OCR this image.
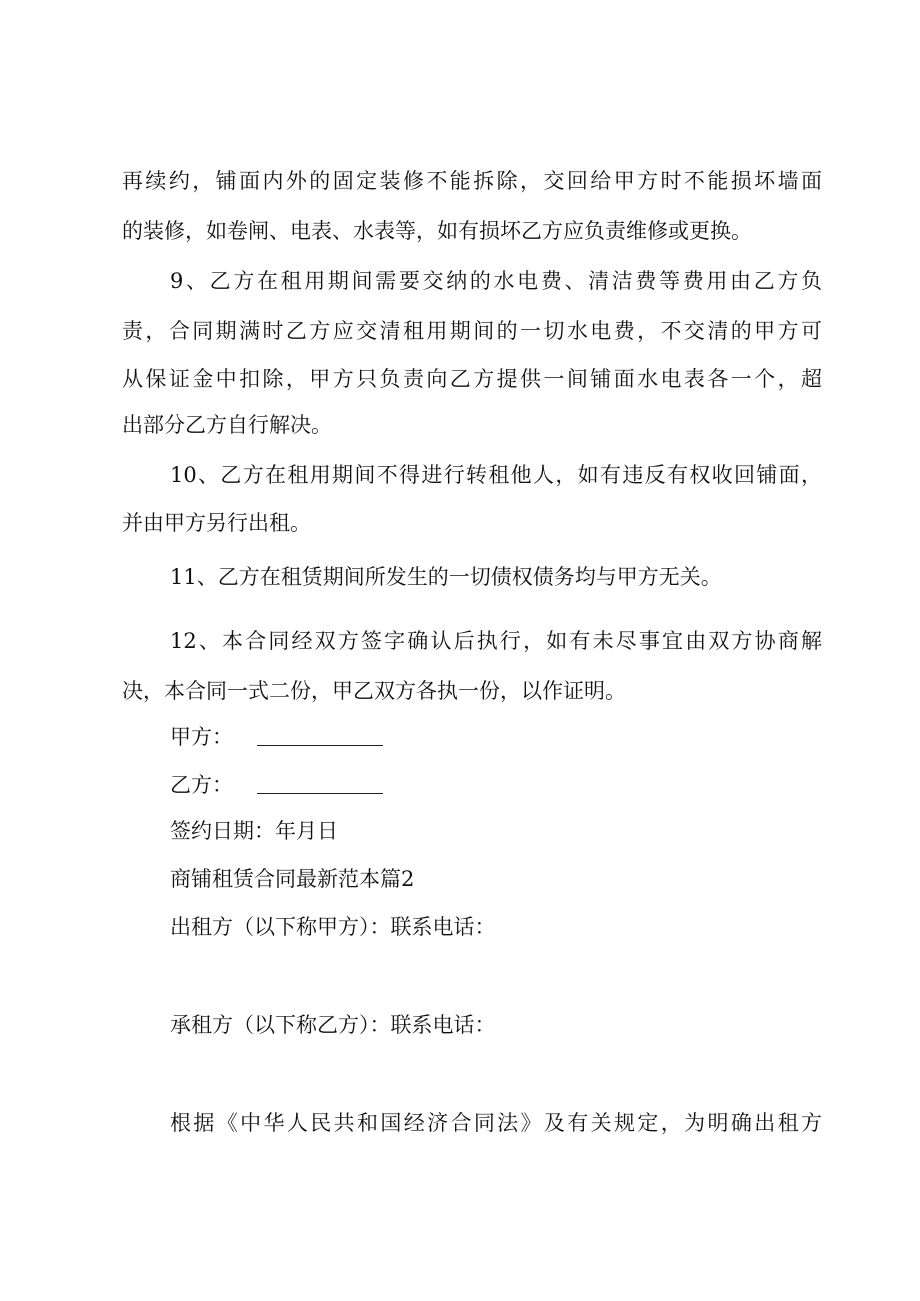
再续约，铺面内外的固定装修不能拆除，交回给甲方时不能损坏墙面
的装修，如卷闸、电表、水表等，如有损坏乙方应负责维修或更换。
9、乙方在租用期间需要交纳的水电费、清洁费等费用由乙方负
责，合同期满时乙方应交清租用期间的一切水电费，不交清的甲方可
从保证金中扣除，甲方只负责向乙方提供一间铺面水电表各一个，超
出部分乙方自行解决。
10、乙方在租用期间不得进行转租他人，如有违反有权收回铺面，
并由甲方另行出租。
11、乙方在租赁期间所发生的一切债权债务均与甲方无关。
12、本合同经双方签字确认后执行，如有未尽事宜由双方协商解
决，本合同一式二份，甲乙双方各执一份，以作证明。
甲方：
乙方：
签约日期：年月日
商铺租赁合同最新范本篇2
出租方（以下称甲方）：联系电话：
承租方（以下称乙方）：联系电话：
根据《中华人民共和国经济合同法》及有关规定，为明确出租方
